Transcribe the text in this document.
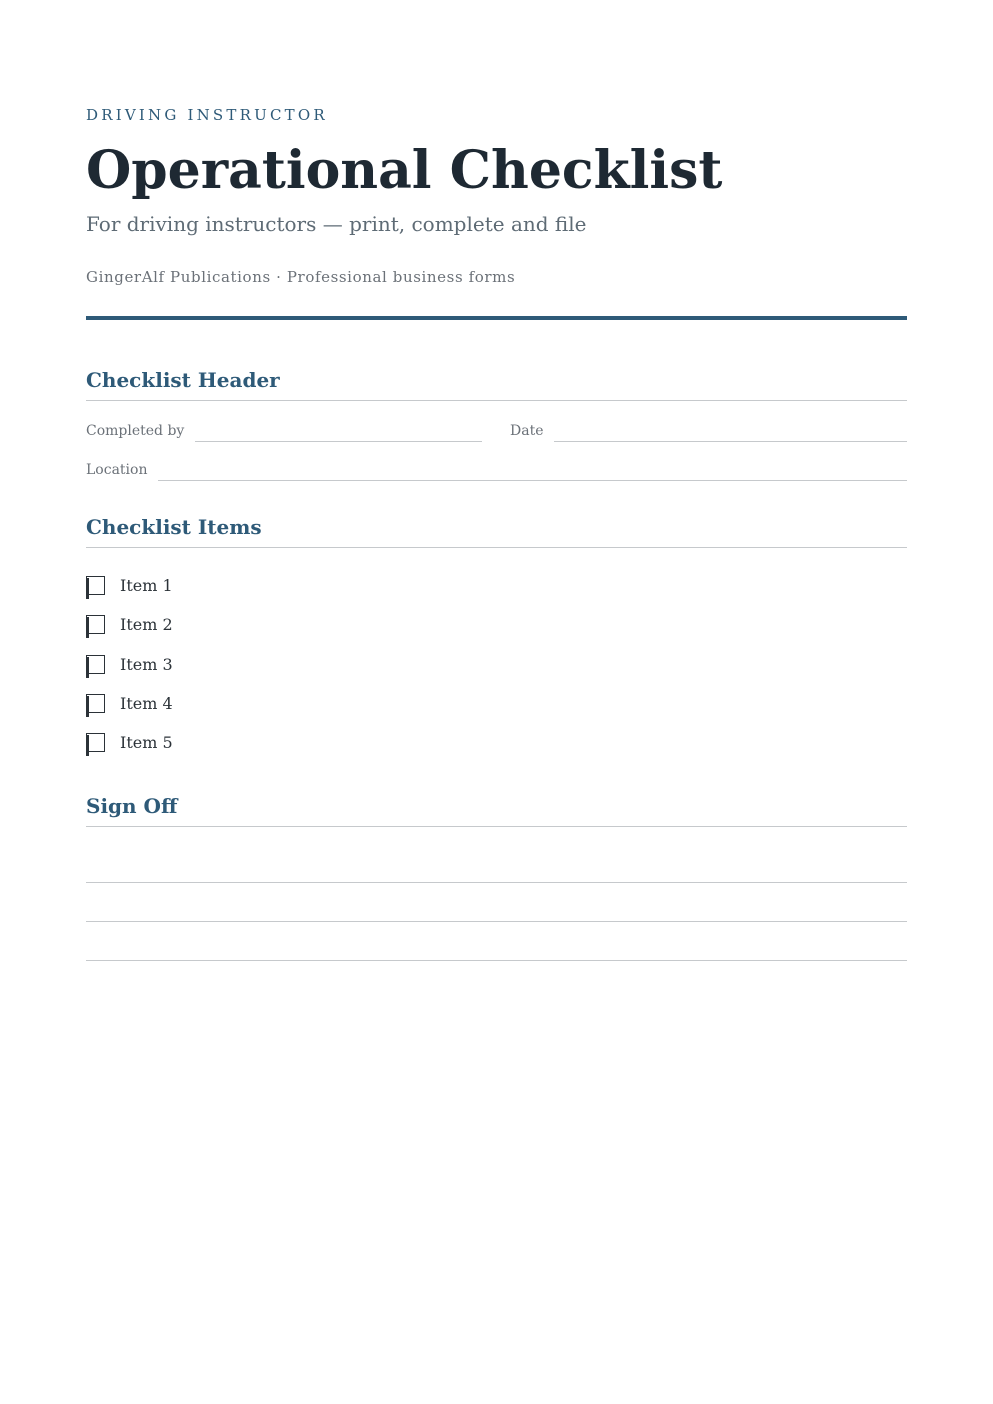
DRIVING INSTRUCTOR
Operational Checklist
For driving instructors — print, complete and file
GingerAlf Publications · Professional business forms
Checklist Header
Completed by	Date
Location
Checklist Items
Item 1
Item 2
Item 3
Item 4
Item 5
Sign Off
